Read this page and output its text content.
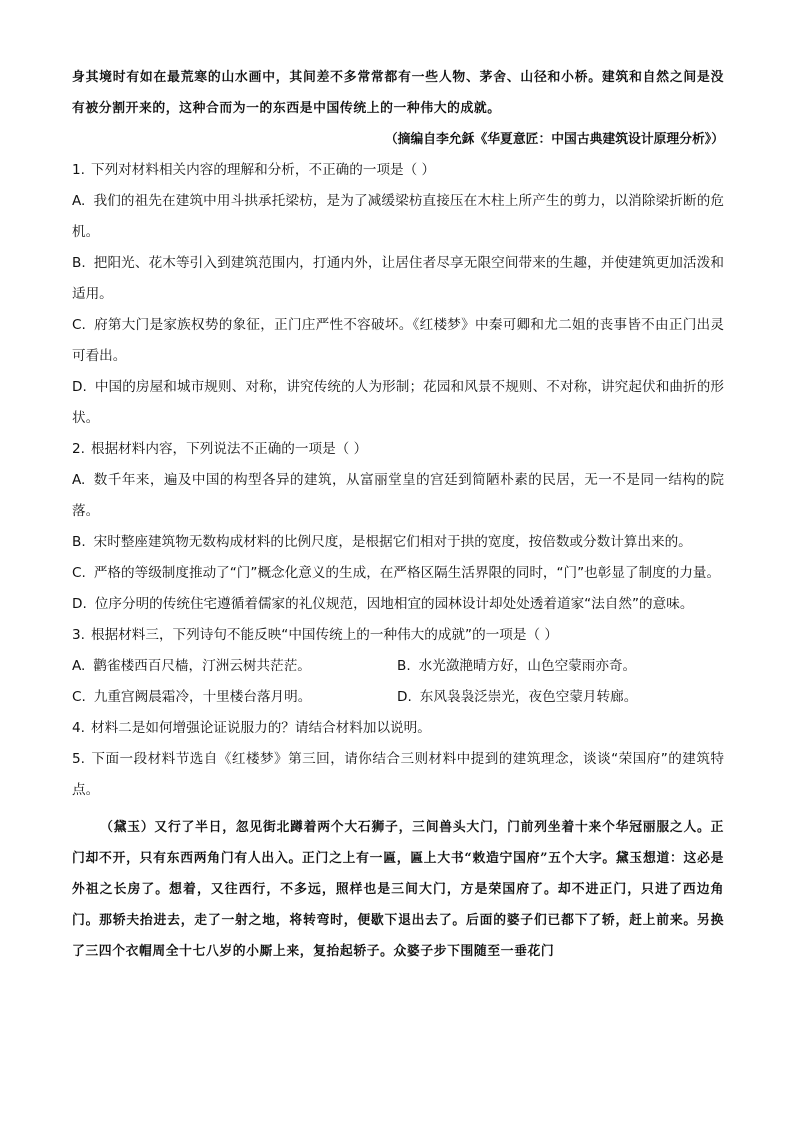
身其境时有如在最荒寒的山水画中，其间差不多常常都有一些人物、茅舍、山径和小桥。建筑和自然之间是没有被分割开来的，这种合而为一的东西是中国传统上的一种伟大的成就。

（摘编自李允鉌《华夏意匠：中国古典建筑设计原理分析》）

1. 下列对材料相关内容的理解和分析，不正确的一项是（ ）

A. 我们的祖先在建筑中用斗拱承托梁枋，是为了减缓梁枋直接压在木柱上所产生的剪力，以消除梁折断的危机。

B. 把阳光、花木等引入到建筑范围内，打通内外，让居住者尽享无限空间带来的生趣，并使建筑更加活泼和适用。

C. 府第大门是家族权势的象征，正门庄严性不容破坏。《红楼梦》中秦可卿和尤二姐的丧事皆不由正门出灵可看出。

D. 中国的房屋和城市规则、对称，讲究传统的人为形制；花园和风景不规则、不对称，讲究起伏和曲折的形状。

2. 根据材料内容，下列说法不正确的一项是（ ）

A. 数千年来，遍及中国的构型各异的建筑，从富丽堂皇的宫廷到简陋朴素的民居，无一不是同一结构的院落。

B. 宋时整座建筑物无数构成材料的比例尺度，是根据它们相对于拱的宽度，按倍数或分数计算出来的。

C. 严格的等级制度推动了“门”概念化意义的生成，在严格区隔生活界限的同时，“门”也彰显了制度的力量。

D. 位序分明的传统住宅遵循着儒家的礼仪规范，因地相宜的园林设计却处处透着道家“法自然”的意味。

3. 根据材料三，下列诗句不能反映“中国传统上的一种伟大的成就”的一项是（ ）

A. 鹳雀楼西百尺樯，汀洲云树共茫茫。	B. 水光潋滟晴方好，山色空蒙雨亦奇。
C. 九重宫阙晨霜冷，十里楼台落月明。	D. 东风袅袅泛崇光，夜色空蒙月转廊。

4. 材料二是如何增强论证说服力的？请结合材料加以说明。

5. 下面一段材料节选自《红楼梦》第三回，请你结合三则材料中提到的建筑理念，谈谈“荣国府”的建筑特点。

（黛玉）又行了半日，忽见街北蹲着两个大石狮子，三间兽头大门，门前列坐着十来个华冠丽服之人。正门却不开，只有东西两角门有人出入。正门之上有一匾，匾上大书“敕造宁国府”五个大字。黛玉想道：这必是外祖之长房了。想着，又往西行，不多远，照样也是三间大门，方是荣国府了。却不进正门，只进了西边角门。那轿夫抬进去，走了一射之地，将转弯时，便歇下退出去了。后面的婆子们已都下了轿，赶上前来。另换了三四个衣帽周全十七八岁的小厮上来，复抬起轿子。众婆子步下围随至一垂花门
